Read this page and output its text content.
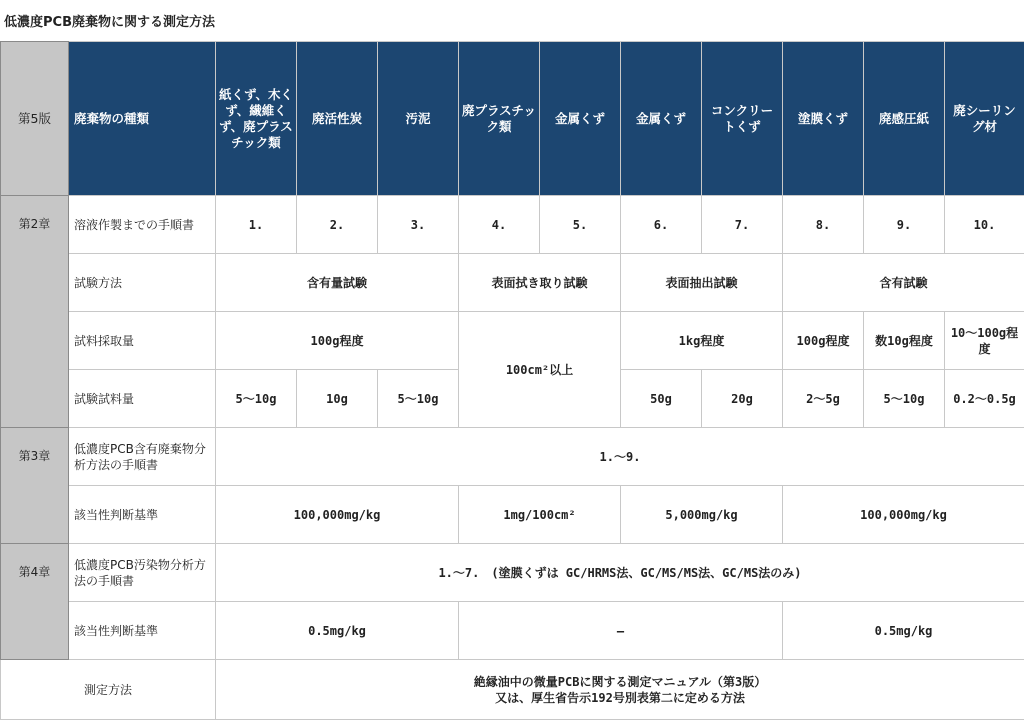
低濃度PCB廃棄物に関する測定方法
第5版	廃棄物の種類	紙くず、木くず、繊維くず、廃プラスチック類	廃活性炭	汚泥	廃プラスチック類	金属くず	金属くず	コンクリートくず	塗膜くず	廃感圧紙	廃シーリング材
第2章	溶液作製までの手順書	1.	2.	3.	4.	5.	6.	7.	8.	9.	10.
	試験方法	含有量試験			表面拭き取り試験		表面抽出試験		含有試験		
	試料採取量	100g程度			100cm²以上		1kg程度		100g程度	数10g程度	10～100g程度
	試験試料量	5～10g	10g	5～10g			50g	20g	2～5g	5～10g	0.2～0.5g
第3章	低濃度PCB含有廃棄物分析方法の手順書	1.～9.									
	該当性判断基準	100,000mg/kg			1mg/100cm²		5,000mg/kg		100,000mg/kg		
第4章	低濃度PCB汚染物分析方法の手順書	1.～7.　(塗膜くずは GC/HRMS法、GC/MS/MS法、GC/MS法のみ)									
	該当性判断基準	0.5mg/kg			―				0.5mg/kg		
測定方法		絶縁油中の微量PCBに関する測定マニュアル（第3版）
又は、厚生省告示192号別表第二に定める方法									
